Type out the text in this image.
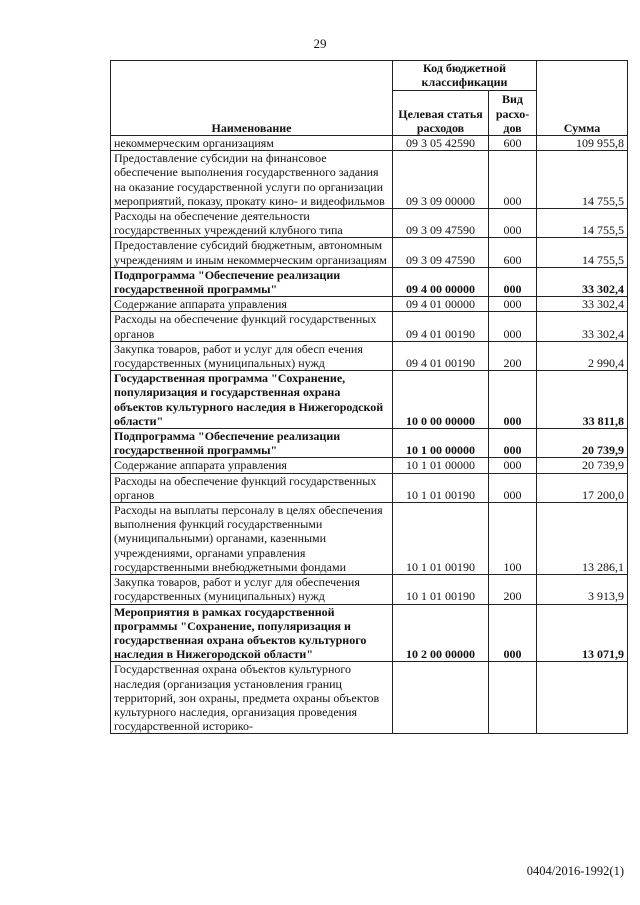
29
Наименование	Код бюджетной классификации		Сумма
	Целевая статья расходов	Вид расхо-дов	
некоммерческим организациям	09 3 05 42590	600	109 955,8
Предоставление субсидии на финансовое обеспечение выполнения государственного задания на оказание государственной услуги по организации мероприятий, показу, прокату кино- и видеофильмов	09 3 09 00000	000	14 755,5
Расходы на обеспечение деятельности государственных учреждений клубного типа	09 3 09 47590	000	14 755,5
Предоставление субсидий бюджетным, автономным учреждениям и иным некоммерческим организациям	09 3 09 47590	600	14 755,5
Подпрограмма "Обеспечение реализации государственной программы"	09 4 00 00000	000	33 302,4
Содержание аппарата управления	09 4 01 00000	000	33 302,4
Расходы на обеспечение функций государственных органов	09 4 01 00190	000	33 302,4
Закупка товаров, работ и услуг для обесп ечения государственных (муниципальных) нужд	09 4 01 00190	200	2 990,4
Государственная программа "Сохранение, популяризация и государственная охрана объектов культурного наследия в Нижегородской области"	10 0 00 00000	000	33 811,8
Подпрограмма "Обеспечение реализации государственной программы"	10 1 00 00000	000	20 739,9
Содержание аппарата управления	10 1 01 00000	000	20 739,9
Расходы на обеспечение функций государственных органов	10 1 01 00190	000	17 200,0
Расходы на выплаты персоналу в целях обеспечения выполнения функций государственными (муниципальными) органами, казенными учреждениями, органами управления государственными внебюджетными фондами	10 1 01 00190	100	13 286,1
Закупка товаров, работ и услуг для обеспечения государственных (муниципальных) нужд	10 1 01 00190	200	3 913,9
Мероприятия в рамках государственной программы "Сохранение, популяризация и государственная охрана объектов культурного наследия в Нижегородской области"	10 2 00 00000	000	13 071,9
Государственная охрана объектов культурного наследия (организация установления границ территорий, зон охраны, предмета охраны объектов культурного наследия, организация проведения государственной историко-			
0404/2016-1992(1)
